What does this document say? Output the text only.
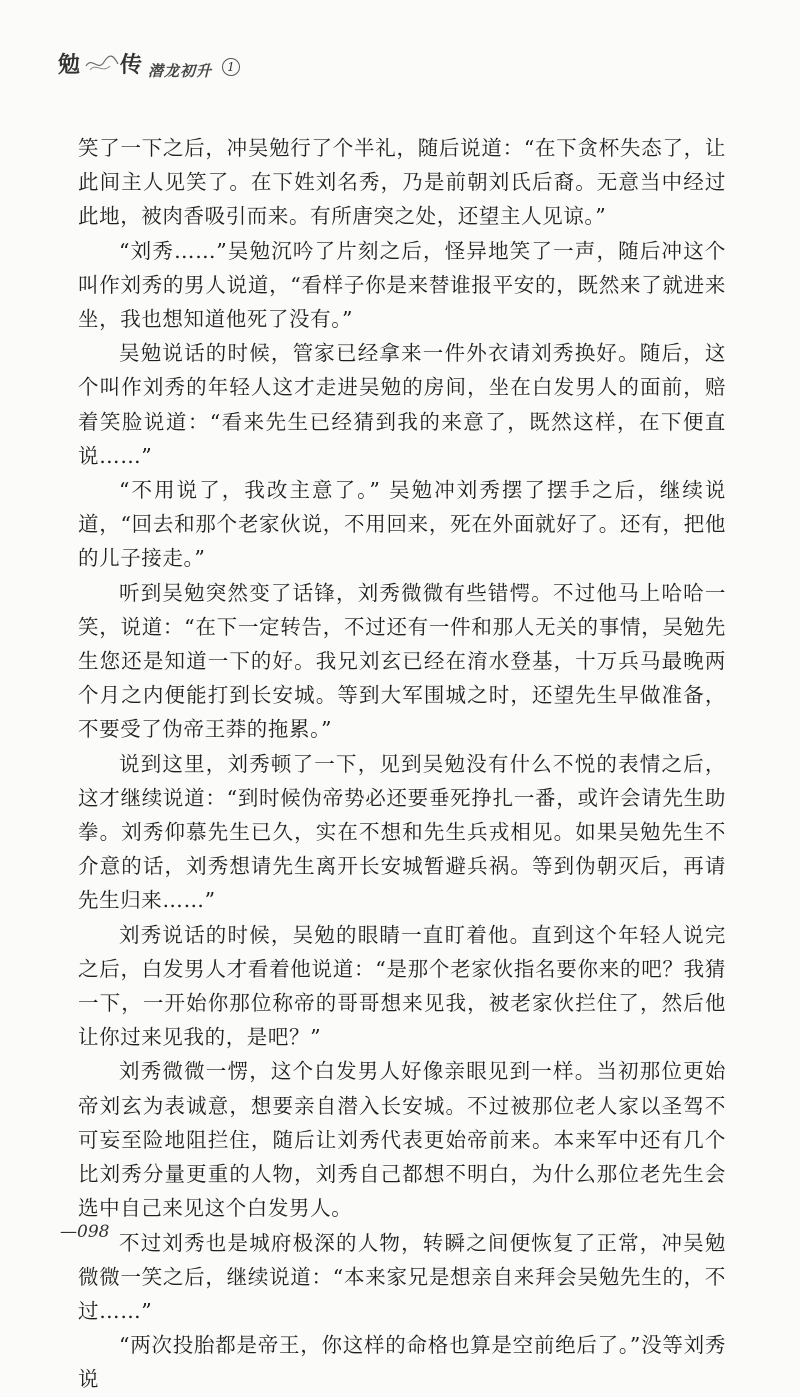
勉 传 潜龙初升	1

笑了一下之后，冲吴勉行了个半礼，随后说道：“在下贪杯失态了，让此间主人见笑了。在下姓刘名秀，乃是前朝刘氏后裔。无意当中经过此地，被肉香吸引而来。有所唐突之处，还望主人见谅。”

“刘秀……”吴勉沉吟了片刻之后，怪异地笑了一声，随后冲这个叫作刘秀的男人说道，“看样子你是来替谁报平安的，既然来了就进来坐，我也想知道他死了没有。”

吴勉说话的时候，管家已经拿来一件外衣请刘秀换好。随后，这个叫作刘秀的年轻人这才走进吴勉的房间，坐在白发男人的面前，赔着笑脸说道：“看来先生已经猜到我的来意了，既然这样，在下便直说……”

“不用说了，我改主意了。” 吴勉冲刘秀摆了摆手之后，继续说道，“回去和那个老家伙说，不用回来，死在外面就好了。还有，把他的儿子接走。”

听到吴勉突然变了话锋，刘秀微微有些错愕。不过他马上哈哈一笑，说道：“在下一定转告，不过还有一件和那人无关的事情，吴勉先生您还是知道一下的好。我兄刘玄已经在淯水登基，十万兵马最晚两个月之内便能打到长安城。等到大军围城之时，还望先生早做准备，不要受了伪帝王莽的拖累。”

说到这里，刘秀顿了一下，见到吴勉没有什么不悦的表情之后，这才继续说道：“到时候伪帝势必还要垂死挣扎一番，或许会请先生助拳。刘秀仰慕先生已久，实在不想和先生兵戎相见。如果吴勉先生不介意的话，刘秀想请先生离开长安城暂避兵祸。等到伪朝灭后，再请先生归来……”

刘秀说话的时候，吴勉的眼睛一直盯着他。直到这个年轻人说完之后，白发男人才看着他说道：“是那个老家伙指名要你来的吧？我猜一下，一开始你那位称帝的哥哥想来见我，被老家伙拦住了，然后他让你过来见我的，是吧？”

刘秀微微一愣，这个白发男人好像亲眼见到一样。当初那位更始帝刘玄为表诚意，想要亲自潜入长安城。不过被那位老人家以圣驾不可妄至险地阻拦住，随后让刘秀代表更始帝前来。本来军中还有几个比刘秀分量更重的人物，刘秀自己都想不明白，为什么那位老先生会选中自己来见这个白发男人。

不过刘秀也是城府极深的人物，转瞬之间便恢复了正常，冲吴勉微微一笑之后，继续说道：“本来家兄是想亲自来拜会吴勉先生的，不过……”

“两次投胎都是帝王，你这样的命格也算是空前绝后了。”没等刘秀说

—098
